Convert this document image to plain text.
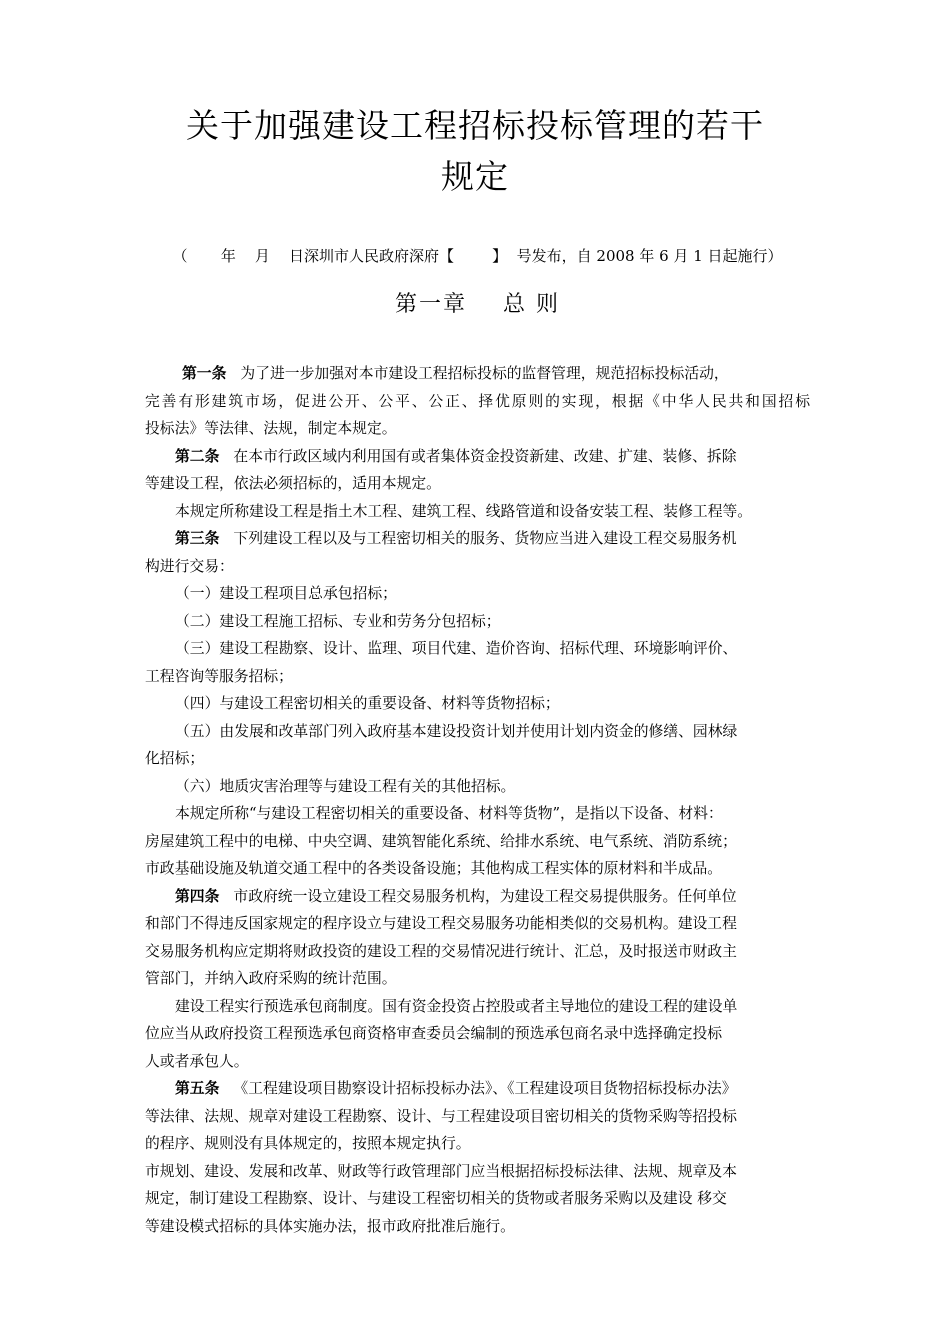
关于加强建设工程招标投标管理的若干
规定
（       年    月    日深圳市人民政府深府【        】  号发布，自 2008 年 6 月 1 日起施行）
第一章    总 则
第一条 为了进一步加强对本市建设工程招标投标的监督管理，规范招标投标活动，
完善有形建筑市场，促进公开、公平、公正、择优原则的实现，根据《中华人民共和国招标
投标法》等法律、法规，制定本规定。
第二条 在本市行政区域内利用国有或者集体资金投资新建、改建、扩建、装修、拆除
等建设工程，依法必须招标的，适用本规定。
本规定所称建设工程是指土木工程、建筑工程、线路管道和设备安装工程、装修工程等。
第三条 下列建设工程以及与工程密切相关的服务、货物应当进入建设工程交易服务机
构进行交易：
（一）建设工程项目总承包招标；
（二）建设工程施工招标、专业和劳务分包招标；
（三）建设工程勘察、设计、监理、项目代建、造价咨询、招标代理、环境影响评价、
工程咨询等服务招标；
（四）与建设工程密切相关的重要设备、材料等货物招标；
（五）由发展和改革部门列入政府基本建设投资计划并使用计划内资金的修缮、园林绿
化招标；
（六）地质灾害治理等与建设工程有关的其他招标。
本规定所称“与建设工程密切相关的重要设备、材料等货物”，是指以下设备、材料：
房屋建筑工程中的电梯、中央空调、建筑智能化系统、给排水系统、电气系统、消防系统；
市政基础设施及轨道交通工程中的各类设备设施；其他构成工程实体的原材料和半成品。
第四条 市政府统一设立建设工程交易服务机构，为建设工程交易提供服务。任何单位
和部门不得违反国家规定的程序设立与建设工程交易服务功能相类似的交易机构。建设工程
交易服务机构应定期将财政投资的建设工程的交易情况进行统计、汇总，及时报送市财政主
管部门，并纳入政府采购的统计范围。
建设工程实行预选承包商制度。国有资金投资占控股或者主导地位的建设工程的建设单
位应当从政府投资工程预选承包商资格审查委员会编制的预选承包商名录中选择确定投标
人或者承包人。
第五条 《工程建设项目勘察设计招标投标办法》、《工程建设项目货物招标投标办法》
等法律、法规、规章对建设工程勘察、设计、与工程建设项目密切相关的货物采购等招投标
的程序、规则没有具体规定的，按照本规定执行。
市规划、建设、发展和改革、财政等行政管理部门应当根据招标投标法律、法规、规章及本
规定，制订建设工程勘察、设计、与建设工程密切相关的货物或者服务采购以及建设 移交
等建设模式招标的具体实施办法，报市政府批准后施行。
